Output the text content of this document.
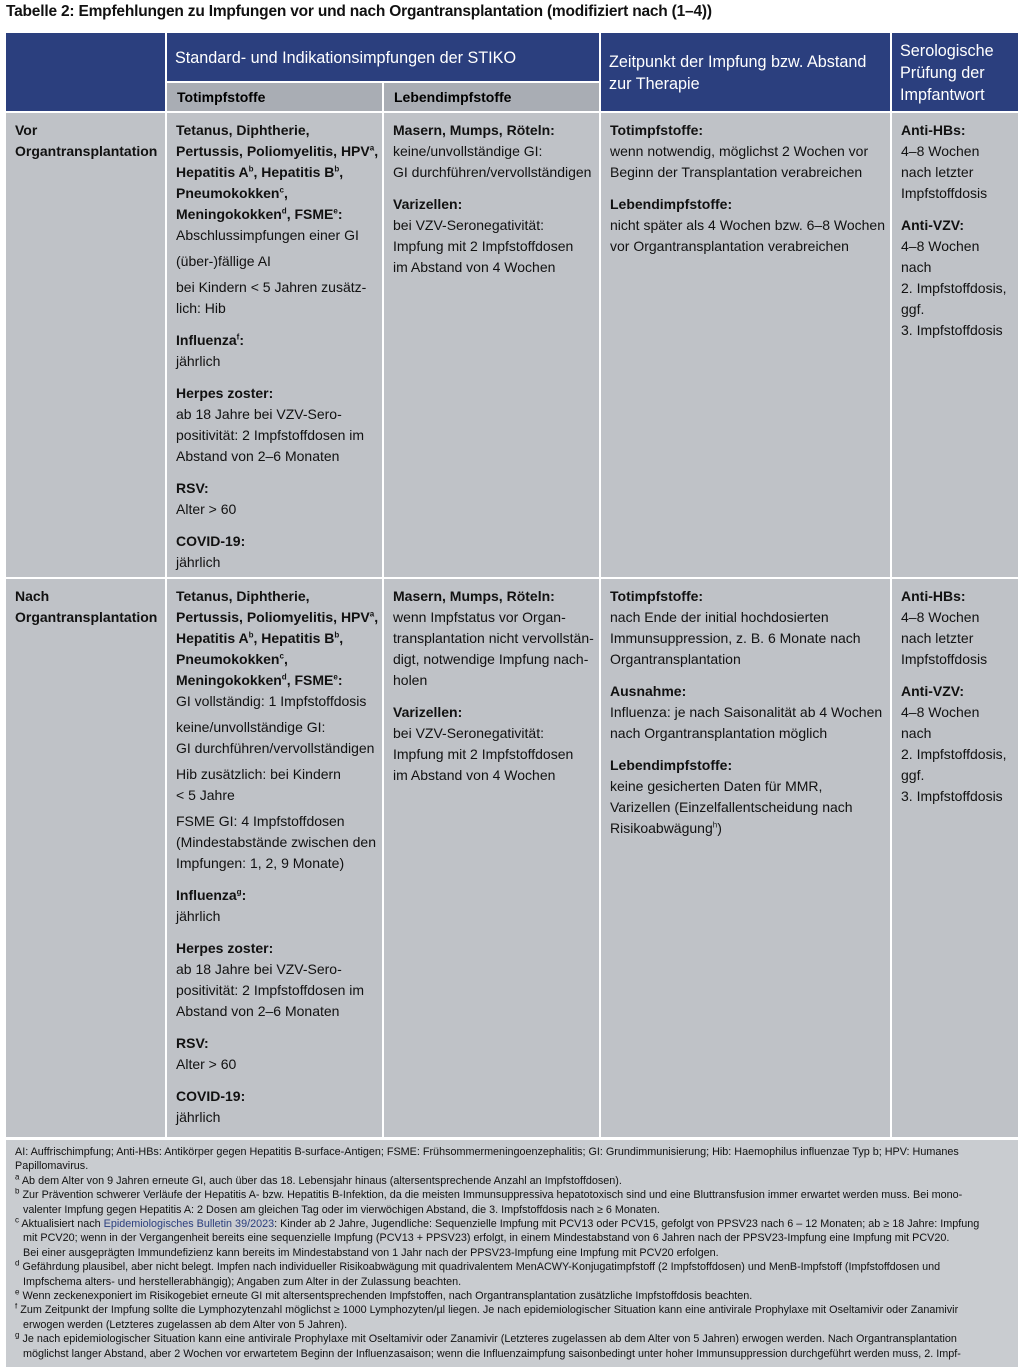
Tabelle 2: Empfehlungen zu Impfungen vor und nach Organtransplantation (modifiziert nach (1–4))
Standard- und Indikationsimpfungen der STIKO	Zeitpunkt der Impfung bzw. Abstand
zur Therapie
Serologische
Prüfung der
Impfantwort
Totimpfstoffe	Lebendimpfstoffe
Vor
Organtransplantation
Tetanus, Diphtherie,
Pertussis, Poliomyelitis, HPV$^a$,
Hepatitis $A^b$, Hepatitis $B^b$,
Pneumokokken$^c$,
Meningokokken$^d$, FSME$^e$:
Abschlussimpfungen einer GI
(über-)fällige AI
bei Kindern < 5 Jahren zusätz-
lich: Hib
Influenza$^f$:
jährlich
Herpes zoster:
ab 18 Jahre bei VZV-Sero-
positivität: 2 Impfstoffdosen im
Abstand von 2–6 Monaten
RSV:
Alter > 60
COVID-19:
jährlich
Masern, Mumps, Röteln:
keine/unvollständige GI:
GI durchführen/vervollständigen
Varizellen:
bei VZV-Seronegativität:
Impfung mit 2 Impfstoffdosen
im Abstand von 4 Wochen
Totimpfstoffe:
wenn notwendig, möglichst 2 Wochen vor
Beginn der Transplantation verabreichen
Lebendimpfstoffe:
nicht später als 4 Wochen bzw. 6–8 Wochen
vor Organtransplantation verabreichen
Anti-HBs:
4–8 Wochen
nach letzter
Impfstoffdosis
Anti-VZV:
4–8 Wochen
nach
2. Impfstoffdosis,
ggf.
3. Impfstoffdosis
Nach
Organtransplantation
Tetanus, Diphtherie,
Pertussis, Poliomyelitis, HPV$^a$,
Hepatitis $A^b$, Hepatitis $B^b$,
Pneumokokken$^c$,
Meningokokken$^d$, FSME$^e$:
GI vollständig: 1 Impfstoffdosis
keine/unvollständige GI:
GI durchführen/vervollständigen
Hib zusätzlich: bei Kindern
< 5 Jahre
FSME GI: 4 Impfstoffdosen
(Mindestabstände zwischen den
Impfungen: 1, 2, 9 Monate)
Influenza$^g$:
jährlich
Herpes zoster:
ab 18 Jahre bei VZV-Sero-
positivität: 2 Impfstoffdosen im
Abstand von 2–6 Monaten
RSV:
Alter > 60
COVID-19:
jährlich
Masern, Mumps, Röteln:
wenn Impfstatus vor Organ-
transplantation nicht vervollstän-
digt, notwendige Impfung nach-
holen
Varizellen:
bei VZV-Seronegativität:
Impfung mit 2 Impfstoffdosen
im Abstand von 4 Wochen
Totimpfstoffe:
nach Ende der initial hochdosierten
Immunsuppression, z. B. 6 Monate nach
Organtransplantation
Ausnahme:
Influenza: je nach Saisonalität ab 4 Wochen
nach Organtransplantation möglich
Lebendimpfstoffe:
keine gesicherten Daten für MMR,
Varizellen (Einzelfallentscheidung nach
Risikoabwägung$^h$)
Anti-HBs:
4–8 Wochen
nach letzter
Impfstoffdosis
Anti-VZV:
4–8 Wochen
nach
2. Impfstoffdosis,
ggf.
3. Impfstoffdosis
AI: Auffrischimpfung; Anti-HBs: Antikörper gegen Hepatitis B-surface-Antigen; FSME: Frühsommermeningoenzephalitis; GI: Grundimmunisierung; Hib: Haemophilus influenzae Typ b; HPV: Humanes
Papillomavirus.
$^a$ Ab dem Alter von 9 Jahren erneute GI, auch über das 18. Lebensjahr hinaus (altersentsprechende Anzahl an Impfstoffdosen).
$^b$ Zur Prävention schwerer Verläufe der Hepatitis A- bzw. Hepatitis B-Infektion, da die meisten Immunsuppressiva hepatotoxisch sind und eine Bluttransfusion immer erwartet werden muss. Bei mono-
valenter Impfung gegen Hepatitis A: 2 Dosen am gleichen Tag oder im vierwöchigen Abstand, die 3. Impfstoffdosis nach ≥ 6 Monaten.
$^c$ Aktualisiert nach Epidemiologisches Bulletin 39/2023: Kinder ab 2 Jahre, Jugendliche: Sequenzielle Impfung mit PCV13 oder PCV15, gefolgt von PPSV23 nach 6 – 12 Monaten; ab ≥ 18 Jahre: Impfung
mit PCV20; wenn in der Vergangenheit bereits eine sequenzielle Impfung (PCV13 + PPSV23) erfolgt, in einem Mindestabstand von 6 Jahren nach der PPSV23-Impfung eine Impfung mit PCV20.
Bei einer ausgeprägten Immundefizienz kann bereits im Mindestabstand von 1 Jahr nach der PPSV23-Impfung eine Impfung mit PCV20 erfolgen.
$^d$ Gefährdung plausibel, aber nicht belegt. Impfen nach individueller Risikoabwägung mit quadrivalentem MenACWY-Konjugatimpfstoff (2 Impfstoffdosen) und MenB-Impfstoff (Impfstoffdosen und
Impfschema alters- und herstellerabhängig); Angaben zum Alter in der Zulassung beachten.
$^e$ Wenn zeckenexponiert im Risikogebiet erneute GI mit altersentsprechenden Impfstoffen, nach Organtransplantation zusätzliche Impfstoffdosis beachten.
$^f$ Zum Zeitpunkt der Impfung sollte die Lymphozytenzahl möglichst ≥ 1000 Lymphozyten/µl liegen. Je nach epidemiologischer Situation kann eine antivirale Prophylaxe mit Oseltamivir oder Zanamivir
erwogen werden (Letzteres zugelassen ab dem Alter von 5 Jahren).
$^g$ Je nach epidemiologischer Situation kann eine antivirale Prophylaxe mit Oseltamivir oder Zanamivir (Letzteres zugelassen ab dem Alter von 5 Jahren) erwogen werden. Nach Organtransplantation
möglichst langer Abstand, aber 2 Wochen vor erwartetem Beginn der Influenzasaison; wenn die Influenzaimpfung saisonbedingt unter hoher Immunsuppression durchgeführt werden muss, 2. Impf-
